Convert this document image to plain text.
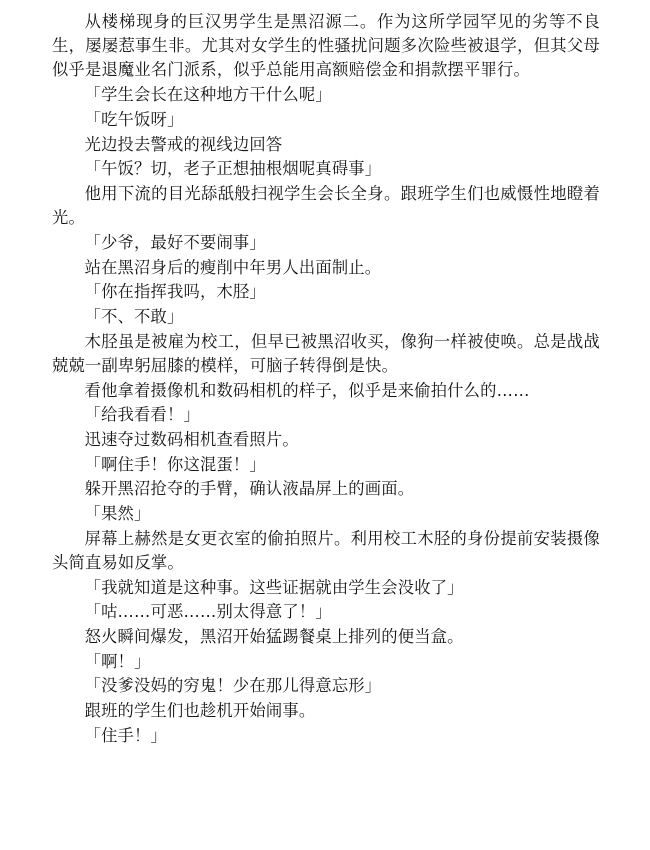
从楼梯现身的巨汉男学生是黑沼源二。作为这所学园罕见的劣等不良生，屡屡惹事生非。尤其对女学生的性骚扰问题多次险些被退学，但其父母似乎是退魔业名门派系，似乎总能用高额赔偿金和捐款摆平罪行。

「学生会长在这种地方干什么呢」

「吃午饭呀」

光边投去警戒的视线边回答

「午饭？切，老子正想抽根烟呢真碍事」

他用下流的目光舔舐般扫视学生会长全身。跟班学生们也威慑性地瞪着光。

「少爷，最好不要闹事」

站在黑沼身后的瘦削中年男人出面制止。

「你在指挥我吗，木胫」

「不、不敢」

木胫虽是被雇为校工，但早已被黑沼收买，像狗一样被使唤。总是战战兢兢一副卑躬屈膝的模样，可脑子转得倒是快。

看他拿着摄像机和数码相机的样子，似乎是来偷拍什么的……

「给我看看！」

迅速夺过数码相机查看照片。

「啊住手！你这混蛋！」

躲开黑沼抢夺的手臂，确认液晶屏上的画面。

「果然」

屏幕上赫然是女更衣室的偷拍照片。利用校工木胫的身份提前安装摄像头简直易如反掌。

「我就知道是这种事。这些证据就由学生会没收了」

「咕……可恶……别太得意了！」

怒火瞬间爆发，黑沼开始猛踢餐桌上排列的便当盒。

「啊！」

「没爹没妈的穷鬼！少在那儿得意忘形」

跟班的学生们也趁机开始闹事。

「住手！」
